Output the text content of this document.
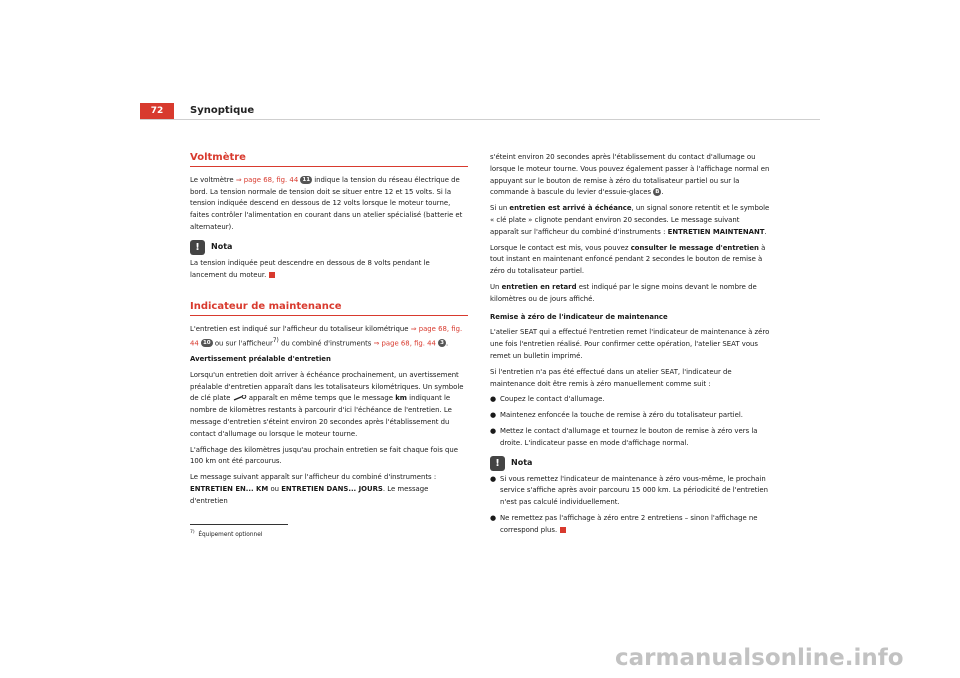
72	Synoptique
Voltmètre

Le voltmètre ⇒ page 68, fig. 44 11 indique la tension du réseau électrique de bord. La tension normale de tension doit se situer entre 12 et 15 volts. Si la tension indiquée descend en dessous de 12 volts lorsque le moteur tourne, faites contrôler l'alimentation en courant dans un atelier spécialisé (batterie et alternateur).

!	Nota

La tension indiquée peut descendre en dessous de 8 volts pendant le lancement du moteur.

Indicateur de maintenance

L'entretien est indiqué sur l'afficheur du totaliseur kilométrique ⇒ page 68, fig. 44 10 ou sur l'afficheur$^{7)}$ du combiné d'instruments ⇒ page 68, fig. 44 3 .

Avertissement préalable d'entretien

Lorsqu'un entretien doit arriver à échéance prochainement, un avertissement préalable d'entretien apparaît dans les totalisateurs kilométriques. Un symbole de clé plate  apparaît en même temps que le message km indiquant le nombre de kilomètres restants à parcourir d'ici l'échéance de l'entretien. Le message d'entretien s'éteint environ 20 secondes après l'établissement du contact d'allumage ou lorsque le moteur tourne.

L'affichage des kilomètres jusqu'au prochain entretien se fait chaque fois que 100 km ont été parcourus.

Le message suivant apparaît sur l'afficheur du combiné d'instruments :
ENTRETIEN EN... KM ou ENTRETIEN DANS... JOURS. Le message d'entretien

s'éteint environ 20 secondes après l'établissement du contact d'allumage ou lorsque le moteur tourne. Vous pouvez également passer à l'affichage normal en appuyant sur le bouton de remise à zéro du totalisateur partiel ou sur la commande à bascule du levier d'essuie-glaces B .

Si un entretien est arrivé à échéance, un signal sonore retentit et le symbole « clé plate » clignote pendant environ 20 secondes. Le message suivant apparaît sur l'afficheur du combiné d'instruments : ENTRETIEN MAINTENANT.

Lorsque le contact est mis, vous pouvez consulter le message d'entretien à tout instant en maintenant enfoncé pendant 2 secondes le bouton de remise à zéro du totalisateur partiel.

Un entretien en retard est indiqué par le signe moins devant le nombre de kilomètres ou de jours affiché.

Remise à zéro de l'indicateur de maintenance

L'atelier SEAT qui a effectué l'entretien remet l'indicateur de maintenance à zéro une fois l'entretien réalisé. Pour confirmer cette opération, l'atelier SEAT vous remet un bulletin imprimé.

Si l'entretien n'a pas été effectué dans un atelier SEAT, l'indicateur de maintenance doit être remis à zéro manuellement comme suit :

● Coupez le contact d'allumage.

● Maintenez enfoncée la touche de remise à zéro du totalisateur partiel.

● Mettez le contact d'allumage et tournez le bouton de remise à zéro vers la droite. L'indicateur passe en mode d'affichage normal.

!	Nota

● Si vous remettez l'indicateur de maintenance à zéro vous-même, le prochain service s'affiche après avoir parcouru 15 000 km. La périodicité de l'entretien n'est pas calculé individuellement.

● Ne remettez pas l'affichage à zéro entre 2 entretiens – sinon l'affichage ne correspond plus.

$^{7)}$ Équipement optionnel
carmanualsonline.info
